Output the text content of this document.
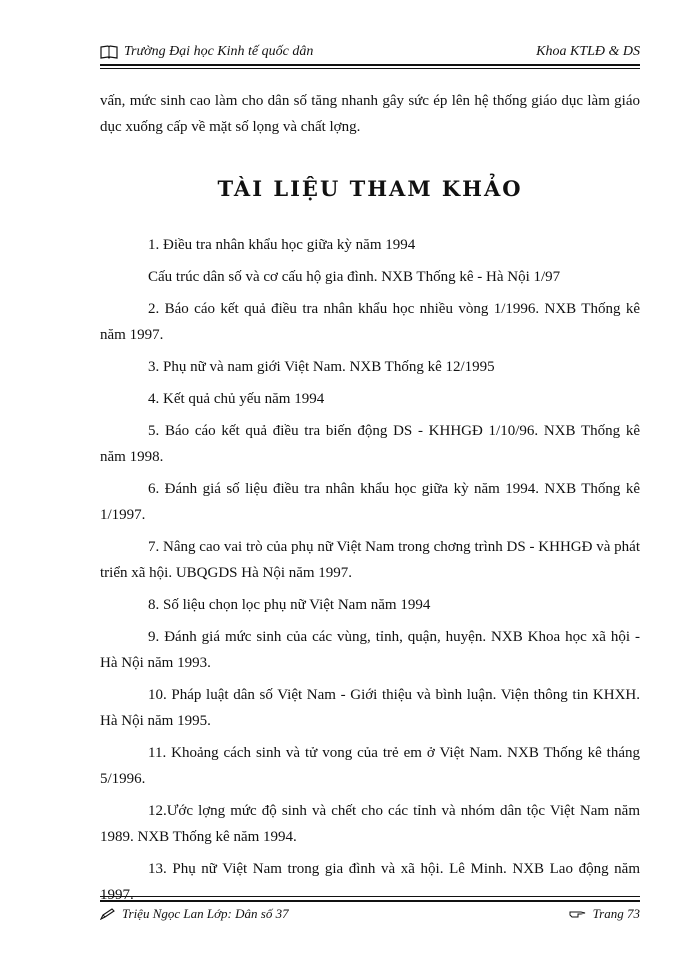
Trường Đại học Kinh tế quốc dân	Khoa KTLĐ & DS

vấn, mức sinh cao làm cho dân số tăng nhanh gây sức ép lên hệ thống giáo dục làm giáo dục xuống cấp về mặt số lọng và chất lợng.

TÀI LIỆU THAM KHẢO

1. Điều tra nhân khẩu học giữa kỳ năm 1994

Cấu trúc dân số và cơ cấu hộ gia đình. NXB Thống kê - Hà Nội 1/97

2. Báo cáo kết quả điều tra nhân khẩu học nhiều vòng 1/1996. NXB Thống kê năm 1997.

3. Phụ nữ và nam giới Việt Nam. NXB Thống kê 12/1995

4. Kết quả chủ yếu năm 1994

5. Báo cáo kết quả điều tra biến động DS - KHHGĐ 1/10/96. NXB Thống kê năm 1998.

6. Đánh giá số liệu điều tra nhân khẩu học giữa kỳ năm 1994. NXB Thống kê 1/1997.

7. Nâng cao vai trò của phụ nữ Việt Nam trong chơng trình DS - KHHGĐ và phát triển xã hội. UBQGDS Hà Nội năm 1997.

8. Số liệu chọn lọc phụ nữ Việt Nam năm 1994

9. Đánh giá mức sinh của các vùng, tỉnh, quận, huyện. NXB Khoa học xã hội - Hà Nội năm 1993.

10. Pháp luật dân số Việt Nam - Giới thiệu và bình luận. Viện thông tin KHXH. Hà Nội năm 1995.

11. Khoảng cách sinh và tử vong của trẻ em ở Việt Nam. NXB Thống kê tháng 5/1996.

12.Ước lợng mức độ sinh và chết cho các tỉnh và nhóm dân tộc Việt Nam năm 1989. NXB Thống kê năm 1994.

13. Phụ nữ Việt Nam trong gia đình và xã hội. Lê Minh. NXB Lao động năm 1997.

Triệu Ngọc Lan Lớp: Dân số 37	Trang 73
